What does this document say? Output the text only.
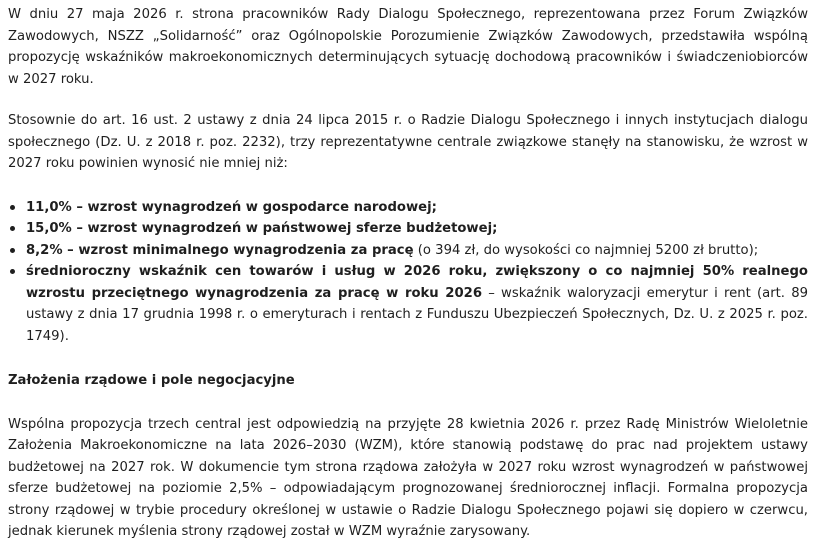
W dniu 27 maja 2026 r. strona pracowników Rady Dialogu Społecznego, reprezentowana przez Forum Związków Zawodowych, NSZZ „Solidarność” oraz Ogólnopolskie Porozumienie Związków Zawodowych, przedstawiła wspólną propozycję wskaźników makroekonomicznych determinujących sytuację dochodową pracowników i świadczeniobiorców w 2027 roku.

Stosownie do art. 16 ust. 2 ustawy z dnia 24 lipca 2015 r. o Radzie Dialogu Społecznego i innych instytucjach dialogu społecznego (Dz. U. z 2018 r. poz. 2232), trzy reprezentatywne centrale związkowe stanęły na stanowisku, że wzrost w 2027 roku powinien wynosić nie mniej niż:

11,0% – wzrost wynagrodzeń w gospodarce narodowej;
15,0% – wzrost wynagrodzeń w państwowej sferze budżetowej;
8,2% – wzrost minimalnego wynagrodzenia za pracę (o 394 zł, do wysokości co najmniej 5200 zł brutto);
średnioroczny wskaźnik cen towarów i usług w 2026 roku, zwiększony o co najmniej 50% realnego wzrostu przeciętnego wynagrodzenia za pracę w roku 2026 – wskaźnik waloryzacji emerytur i rent (art. 89 ustawy z dnia 17 grudnia 1998 r. o emeryturach i rentach z Funduszu Ubezpieczeń Społecznych, Dz. U. z 2025 r. poz. 1749).
Założenia rządowe i pole negocjacyjne

Wspólna propozycja trzech central jest odpowiedzią na przyjęte 28 kwietnia 2026 r. przez Radę Ministrów Wieloletnie Założenia Makroekonomiczne na lata 2026–2030 (WZM), które stanowią podstawę do prac nad projektem ustawy budżetowej na 2027 rok. W dokumencie tym strona rządowa założyła w 2027 roku wzrost wynagrodzeń w państwowej sferze budżetowej na poziomie 2,5% – odpowiadającym prognozowanej średniorocznej inflacji. Formalna propozycja strony rządowej w trybie procedury określonej w ustawie o Radzie Dialogu Społecznego pojawi się dopiero w czerwcu, jednak kierunek myślenia strony rządowej został w WZM wyraźnie zarysowany.
